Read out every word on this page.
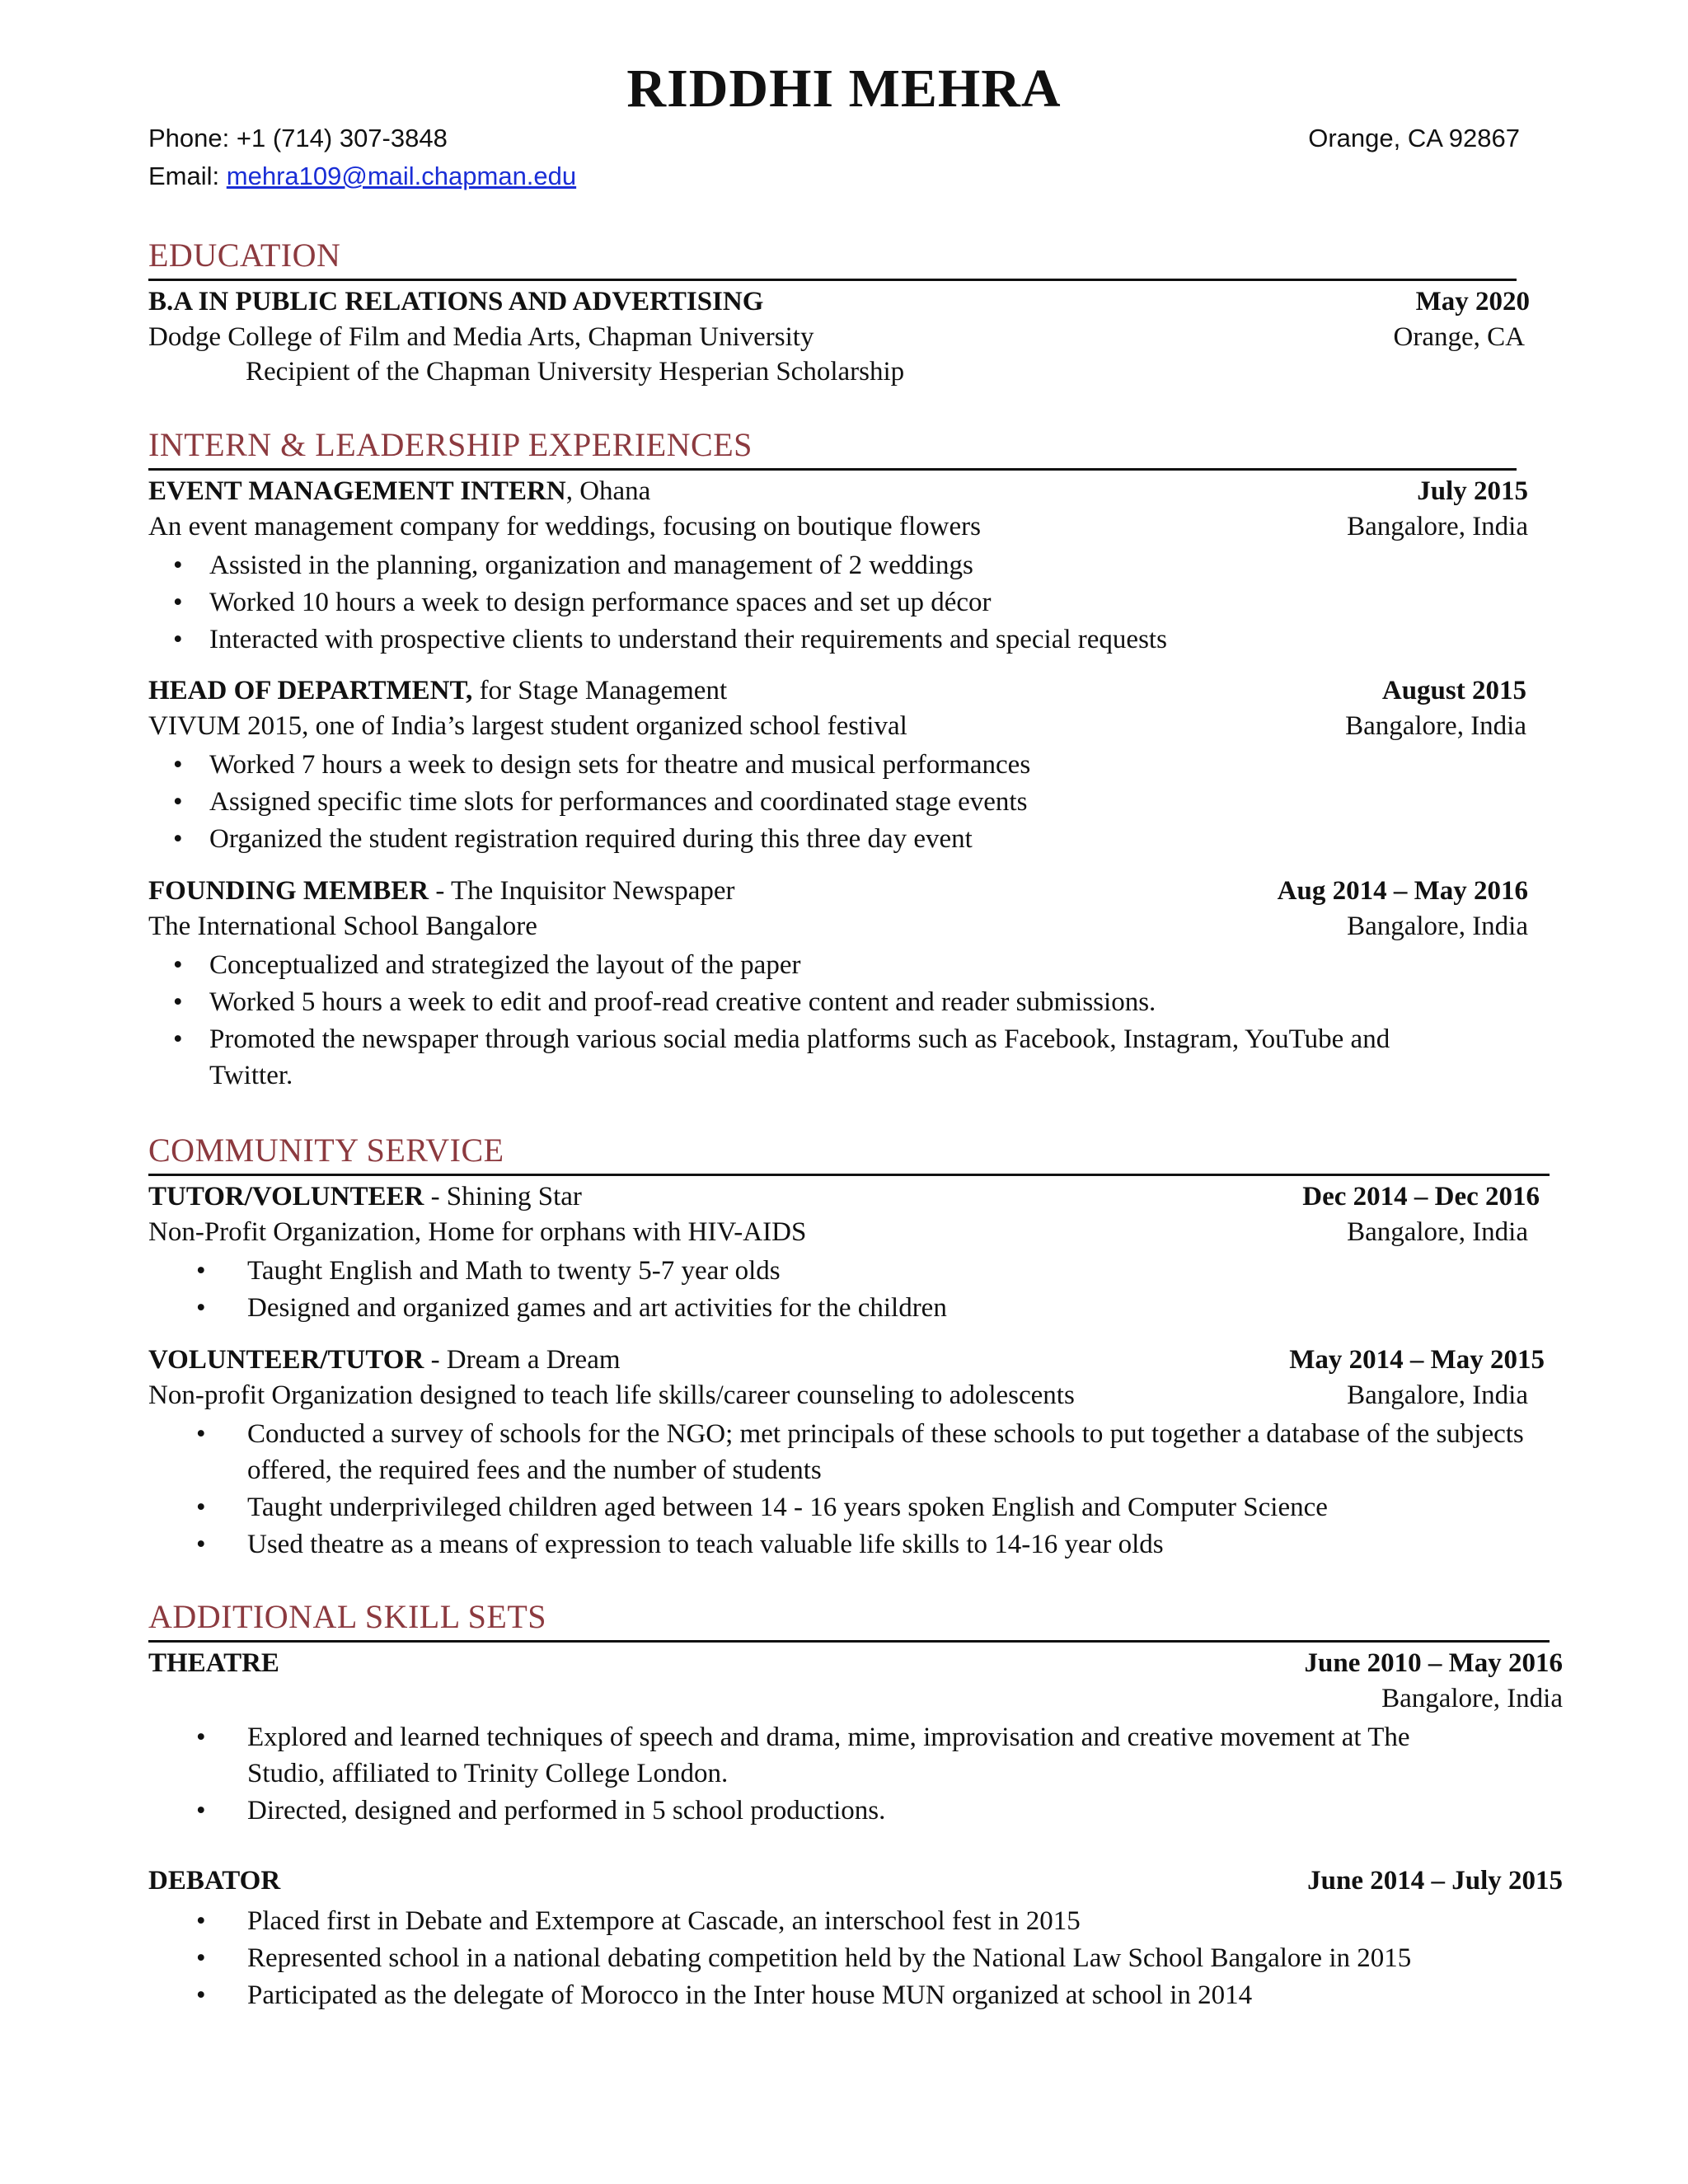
RIDDHI MEHRA
Phone: +1 (714) 307-3848	Orange, CA 92867
Email: mehra109@mail.chapman.edu
EDUCATION
B.A IN PUBLIC RELATIONS AND ADVERTISING	May 2020
Dodge College of Film and Media Arts, Chapman University	Orange, CA
Recipient of the Chapman University Hesperian Scholarship
INTERN & LEADERSHIP EXPERIENCES
EVENT MANAGEMENT INTERN, Ohana	July 2015
An event management company for weddings, focusing on boutique flowers	Bangalore, India
• Assisted in the planning, organization and management of 2 weddings
• Worked 10 hours a week to design performance spaces and set up décor
• Interacted with prospective clients to understand their requirements and special requests
HEAD OF DEPARTMENT, for Stage Management	August 2015
VIVUM 2015, one of India’s largest student organized school festival	Bangalore, India
• Worked 7 hours a week to design sets for theatre and musical performances
• Assigned specific time slots for performances and coordinated stage events
• Organized the student registration required during this three day event
FOUNDING MEMBER - The Inquisitor Newspaper	Aug 2014 – May 2016
The International School Bangalore	Bangalore, India
• Conceptualized and strategized the layout of the paper
• Worked 5 hours a week to edit and proof-read creative content and reader submissions.
• Promoted the newspaper through various social media platforms such as Facebook, Instagram, YouTube and Twitter.
COMMUNITY SERVICE
TUTOR/VOLUNTEER - Shining Star	Dec 2014 – Dec 2016
Non-Profit Organization, Home for orphans with HIV-AIDS	Bangalore, India
• Taught English and Math to twenty 5-7 year olds
• Designed and organized games and art activities for the children
VOLUNTEER/TUTOR - Dream a Dream	May 2014 – May 2015
Non-profit Organization designed to teach life skills/career counseling to adolescents	Bangalore, India
• Conducted a survey of schools for the NGO; met principals of these schools to put together a database of the subjects offered, the required fees and the number of students
• Taught underprivileged children aged between 14 - 16 years spoken English and Computer Science
• Used theatre as a means of expression to teach valuable life skills to 14-16 year olds
ADDITIONAL SKILL SETS
THEATRE	June 2010 – May 2016
Bangalore, India
• Explored and learned techniques of speech and drama, mime, improvisation and creative movement at The Studio, affiliated to Trinity College London.
• Directed, designed and performed in 5 school productions.
DEBATOR	June 2014 – July 2015
• Placed first in Debate and Extempore at Cascade, an interschool fest in 2015
• Represented school in a national debating competition held by the National Law School Bangalore in 2015
• Participated as the delegate of Morocco in the Inter house MUN organized at school in 2014
